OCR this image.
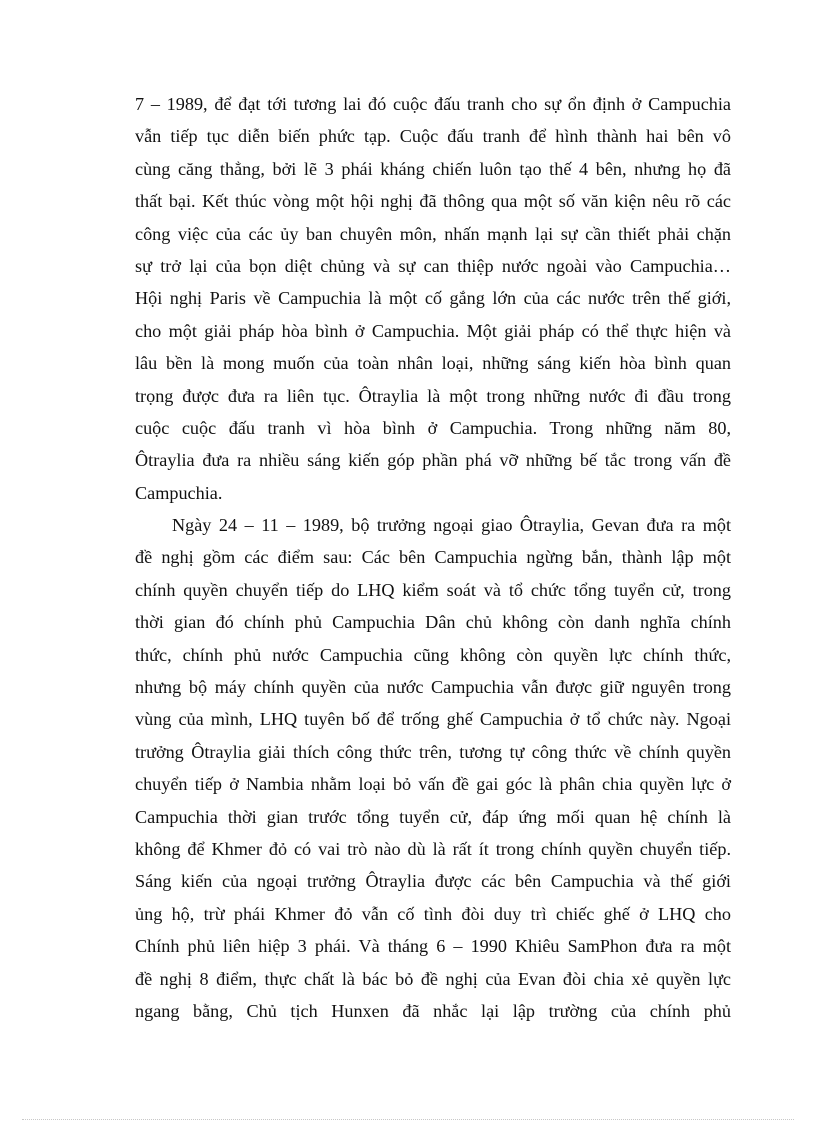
7 – 1989, để đạt tới tương lai đó cuộc đấu tranh cho sự ổn định ở Campuchia
vẫn tiếp tục diễn biến phức tạp. Cuộc đấu tranh để hình thành hai bên vô
cùng căng thẳng, bởi lẽ 3 phái kháng chiến luôn tạo thế 4 bên, nhưng họ đã
thất bại. Kết thúc vòng một hội nghị đã thông qua một số văn kiện nêu rõ các
công việc của các ủy ban chuyên môn, nhấn mạnh lại sự cần thiết phải chặn
sự trở lại của bọn diệt chủng và sự can thiệp nước ngoài vào Campuchia…
Hội nghị Paris về Campuchia là một cố gắng lớn của các nước trên thế giới,
cho một giải pháp hòa bình ở Campuchia. Một giải pháp có thể thực hiện và
lâu bền là mong muốn của toàn nhân loại, những sáng kiến hòa bình quan
trọng được đưa ra liên tục. Ôtraylia là một trong những nước đi đầu trong
cuộc cuộc đấu tranh vì hòa bình ở Campuchia. Trong những năm 80,
Ôtraylia đưa ra nhiều sáng kiến góp phần phá vỡ những bế tắc trong vấn đề
Campuchia.
Ngày 24 – 11 – 1989, bộ trưởng ngoại giao Ôtraylia, Gevan đưa ra một
đề nghị gồm các điểm sau: Các bên Campuchia ngừng bắn, thành lập một
chính quyền chuyển tiếp do LHQ kiểm soát và tổ chức tổng tuyển cử, trong
thời gian đó chính phủ Campuchia Dân chủ không còn danh nghĩa chính
thức, chính phủ nước Campuchia cũng không còn quyền lực chính thức,
nhưng bộ máy chính quyền của nước Campuchia vẫn được giữ nguyên trong
vùng của mình, LHQ tuyên bố để trống ghế Campuchia ở tổ chức này. Ngoại
trưởng Ôtraylia giải thích công thức trên, tương tự công thức về chính quyền
chuyển tiếp ở Nambia nhằm loại bỏ vấn đề gai góc là phân chia quyền lực ở
Campuchia thời gian trước tổng tuyển cử, đáp ứng mối quan hệ chính là
không để Khmer đỏ có vai trò nào dù là rất ít trong chính quyền chuyển tiếp.
Sáng kiến của ngoại trưởng Ôtraylia được các bên Campuchia và thế giới
ủng hộ, trừ phái Khmer đỏ vẫn cố tình đòi duy trì chiếc ghế ở LHQ cho
Chính phủ liên hiệp 3 phái. Và tháng 6 – 1990 Khiêu SamPhon đưa ra một
đề nghị 8 điểm, thực chất là bác bỏ đề nghị của Evan đòi chia xẻ quyền lực
ngang bằng, Chủ tịch Hunxen đã nhắc lại lập trường của chính phủ
